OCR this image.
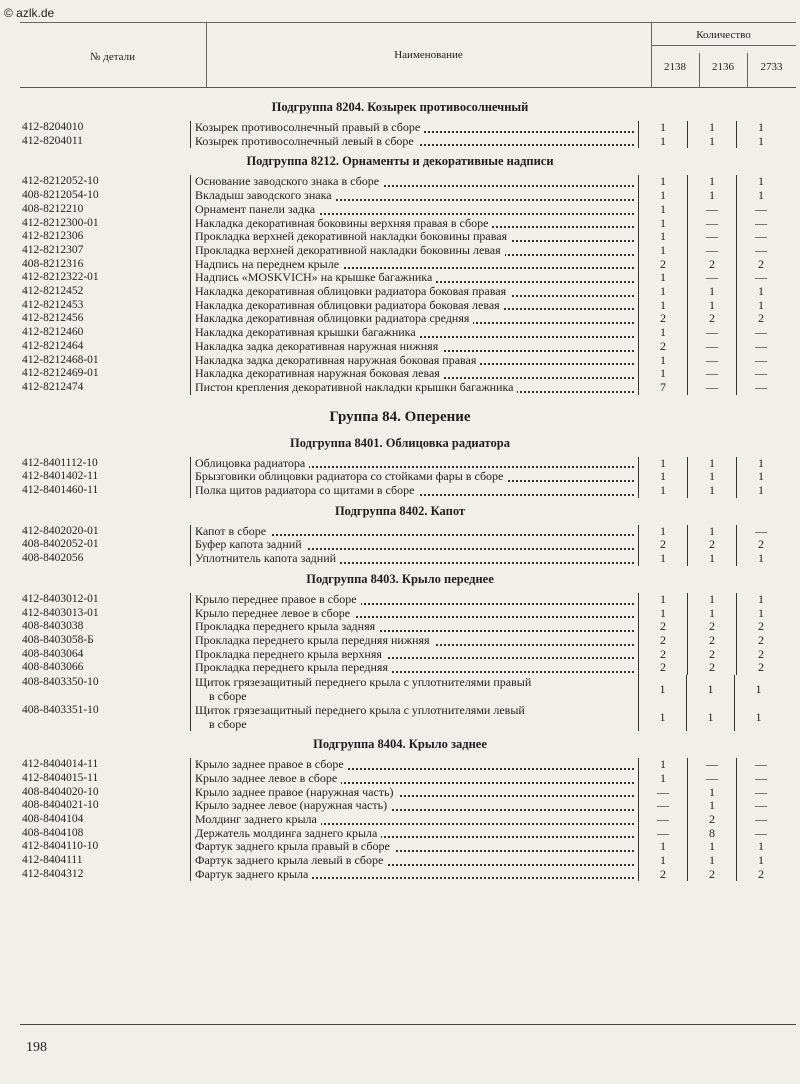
© azlk.de
№ детали	Наименование
Количество
2138	2136	2733
Подгруппа 8204. Козырек противосолнечный
412-8204010	Козырек противосолнечный правый в сборе	1	1	1
412-8204011	Козырек противосолнечный левый в сборе	1	1	1
Подгруппа 8212. Орнаменты и декоративные надписи
412-8212052-10	Основание заводского знака в сборе	1	1	1
408-8212054-10	Вкладыш заводского знака	1	1	1
408-8212210	Орнамент панели задка	1	—	—
412-8212300-01	Накладка декоративная боковины верхняя правая в сборе	1	—	—
412-8212306	Прокладка верхней декоративной накладки боковины правая	1	—	—
412-8212307	Прокладка верхней декоративной накладки боковины левая	1	—	—
408-8212316	Надпись на переднем крыле	2	2	2
412-8212322-01	Надпись «MOSKVICH» на крышке багажника	1	—	—
412-8212452	Накладка декоративная облицовки радиатора боковая правая	1	1	1
412-8212453	Накладка декоративная облицовки радиатора боковая левая	1	1	1
412-8212456	Накладка декоративная облицовки радиатора средняя	2	2	2
412-8212460	Накладка декоративная крышки багажника	1	—	—
412-8212464	Накладка задка декоративная наружная нижняя	2	—	—
412-8212468-01	Накладка задка декоративная наружная боковая правая	1	—	—
412-8212469-01	Накладка декоративная наружная боковая левая	1	—	—
412-8212474	Пистон крепления декоративной накладки крышки багажника	7	—	—
Группа 84. Оперение
Подгруппа 8401. Облицовка радиатора
412-8401112-10	Облицовка радиатора	1	1	1
412-8401402-11	Брызговики облицовки радиатора со стойками фары в сборе	1	1	1
412-8401460-11	Полка щитов радиатора со щитами в сборе	1	1	1
Подгруппа 8402. Капот
412-8402020-01	Капот в сборе	1	1	—
408-8402052-01	Буфер капота задний	2	2	2
408-8402056	Уплотнитель капота задний	1	1	1
Подгруппа 8403. Крыло переднее
412-8403012-01	Крыло переднее правое в сборе	1	1	1
412-8403013-01	Крыло переднее левое в сборе	1	1	1
408-8403038	Прокладка переднего крыла задняя	2	2	2
408-8403058-Б	Прокладка переднего крыла передняя нижняя	2	2	2
408-8403064	Прокладка переднего крыла верхняя	2	2	2
408-8403066	Прокладка переднего крыла передняя	2	2	2
408-8403350-10	Щиток грязезащитный переднего крыла с уплотнителями правый
в сборе	1	1	1
408-8403351-10	Щиток грязезащитный переднего крыла с уплотнителями левый
в сборе	1	1	1
Подгруппа 8404. Крыло заднее
412-8404014-11	Крыло заднее правое в сборе	1	—	—
412-8404015-11	Крыло заднее левое в сборе	1	—	—
408-8404020-10	Крыло заднее правое (наружная часть)	—	1	—
408-8404021-10	Крыло заднее левое (наружная часть)	—	1	—
408-8404104	Молдинг заднего крыла	—	2	—
408-8404108	Держатель молдинга заднего крыла	—	8	—
412-8404110-10	Фартук заднего крыла правый в сборе	1	1	1
412-8404111	Фартук заднего крыла левый в сборе	1	1	1
412-8404312	Фартук заднего крыла	2	2	2
198
